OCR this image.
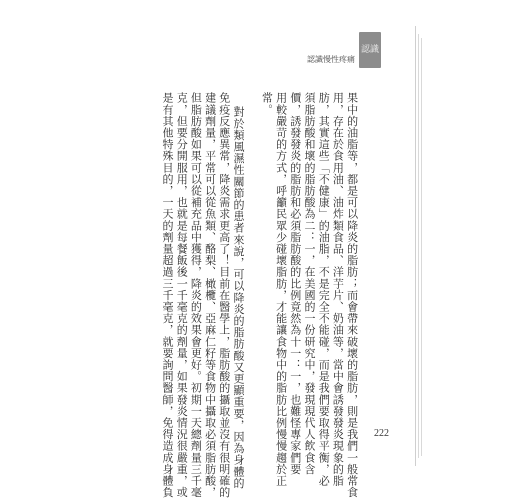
認識慢性疼痛
認識
果中的油脂等，都是可以降炎的脂肪；而會帶來破壞的脂肪，則是我們一般常食
用，存在於食用油、油炸類食品、洋芋片、奶油等，當中會誘發發炎現象的脂
肪，其實這些「不健康」的油脂，不是完全不能碰，而是我們要取得平衡，必
須脂肪酸和壞的脂肪酸為二：一，在美國的一份研究中，發現現代人飲食含
價，誘發發炎的脂肪和必須脂肪酸的比例竟然為十一：一，也難怪專家們要
用較嚴苛的方式，呼籲民眾少碰壞脂肪，才能讓食物中的脂肪比例慢慢趨於正
常。
對於類風濕性關節的患者來說，可以降炎的脂肪酸又更顯重要，因為身體的
免疫反應異常，降炎需求更高了！目前在醫學上，脂肪酸的攝取並沒有很明確的
建議劑量，平常可以從魚類、酪梨、橄欖、亞麻仁籽等食物中攝取必須脂肪酸，
但脂肪酸如果可以從補充品中獲得，降炎的效果會更好。初期一天總劑量三千毫
克，但要分開服用，也就是每餐飯後一千毫克的劑量，如果發炎情況很嚴重，或
是有其他特殊目的，一天的劑量超過三千毫克，就要詢問醫師，免得造成身體負	222
